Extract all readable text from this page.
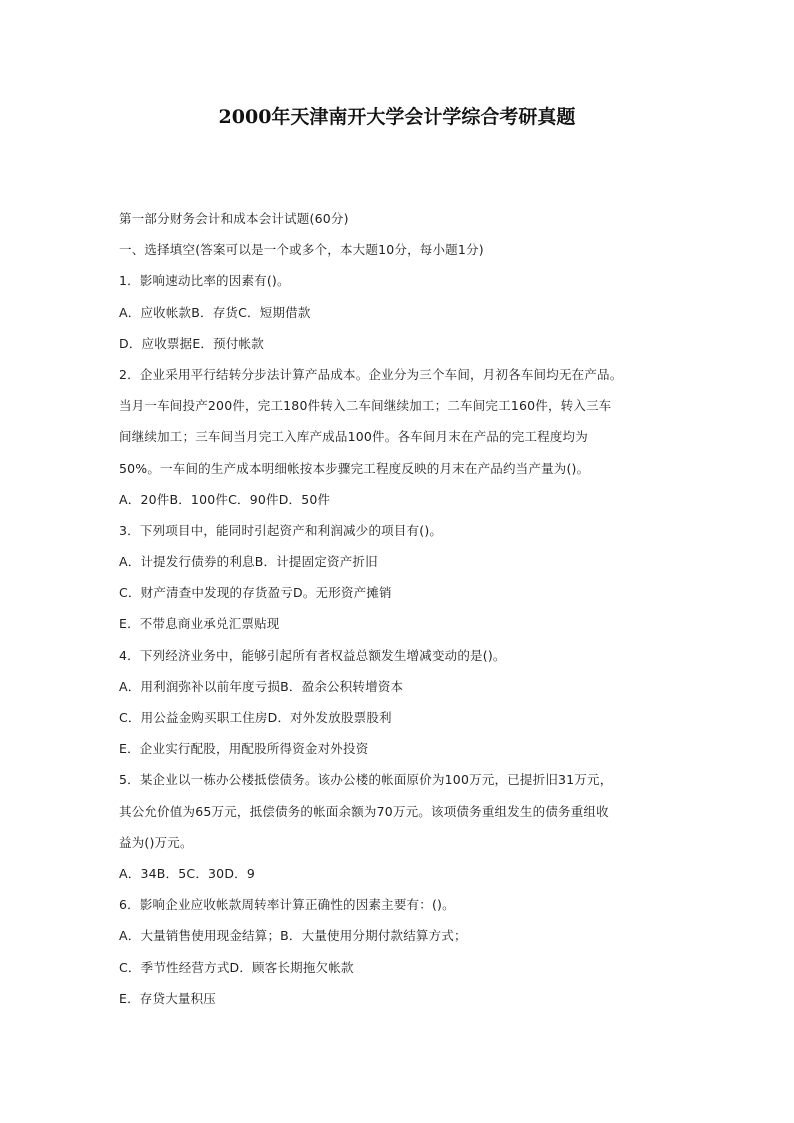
2000年天津南开大学会计学综合考研真题
第一部分财务会计和成本会计试题(60分)
一、选择填空(答案可以是一个或多个，本大题10分，每小题1分)
1．影响速动比率的因素有()。
A．应收帐款B．存货C．短期借款
D．应收票据E．预付帐款
2．企业采用平行结转分步法计算产品成本。企业分为三个车间，月初各车间均无在产品。
当月一车间投产200件，完工180件转入二车间继续加工；二车间完工160件，转入三车
间继续加工；三车间当月完工入库产成品100件。各车间月末在产品的完工程度均为
50%。一车间的生产成本明细帐按本步骤完工程度反映的月末在产品约当产量为()。
A．20件B．100件C．90件D．50件
3．下列项目中，能同时引起资产和利润减少的项目有()。
A．计提发行债券的利息B．计提固定资产折旧
C．财产清查中发现的存货盈亏D。无形资产摊销
E．不带息商业承兑汇票贴现
4．下列经济业务中，能够引起所有者权益总额发生增减变动的是()。
A．用利润弥补以前年度亏损B．盈余公积转增资本
C．用公益金购买职工住房D．对外发放股票股利
E．企业实行配股，用配股所得资金对外投资
5．某企业以一栋办公楼抵偿债务。该办公楼的帐面原价为100万元，已提折旧31万元，
其公允价值为65万元，抵偿债务的帐面余额为70万元。该项债务重组发生的债务重组收
益为()万元。
A．34B．5C．30D．9
6．影响企业应收帐款周转率计算正确性的因素主要有：()。
A．大量销售使用现金结算；B．大量使用分期付款结算方式；
C．季节性经营方式D．顾客长期拖欠帐款
E．存贷大量积压
